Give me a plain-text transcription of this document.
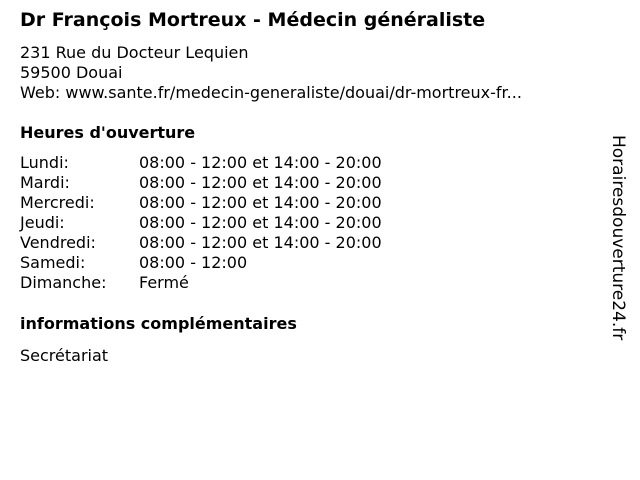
Dr François Mortreux - Médecin généraliste
231 Rue du Docteur Lequien
59500 Douai
Web: www.sante.fr/medecin-generaliste/douai/dr-mortreux-fr...
Heures d'ouverture
Lundi:	08:00 - 12:00 et 14:00 - 20:00
Mardi:	08:00 - 12:00 et 14:00 - 20:00
Mercredi:	08:00 - 12:00 et 14:00 - 20:00
Jeudi:	08:00 - 12:00 et 14:00 - 20:00
Vendredi:	08:00 - 12:00 et 14:00 - 20:00
Samedi:	08:00 - 12:00
Dimanche: Fermé
informations complémentaires
Secrétariat
Horairesdouverture24.fr
